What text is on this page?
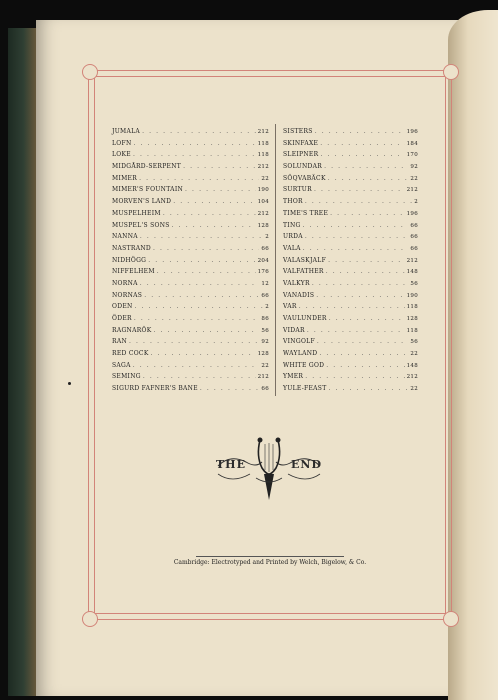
JUMALA . . .	212
LOFN . . .	118
LOKE . . .	118
MIDGÅRD-SERPENT . . .	212
MIMER . . .	22
MIMER'S FOUNTAIN . . .	190
MORVEN'S LAND . . .	104
MUSPELHEIM . . .	212
MUSPEL'S SONS . . .	128
NANNA . . .	2
NASTRAND . . .	66
NIDHÖGG . . .	204
NIFFELHEM . . .	176
NORNA . . .	12
NORNAS . . .	66
ODEN . . .	2
ÖDER . . .	86
RAGNARÖK . . .	56
RAN . . .	92
RED COCK . . .	128
SAGA . . .	22
SEMING . . .	212
SIGURD FAFNER'S BANE . . .	66
SISTERS . . .	196
SKINFAXE . . .	184
SLEIPNER . . .	170
SOLUNDAR . . .	92
SÖQVABÄCK . . .	22
SURTUR . . .	212
THOR . . .	2
TIME'S TREE . . .	196
TING . . .	66
URDA . . .	66
VALA . . .	66
VALASKJALF . . .	212
VALFATHER . . .	148
VALKYR . . .	56
VANADIS . . .	190
VAR . . .	118
VAULUNDER . . .	128
VIDAR . . .	118
VINGOLF . . .	56
WAYLAND . . .	22
WHITE GOD . . .	148
YMER . . .	212
YULE-FEAST . . .	22
THE	END
Cambridge: Electrotyped and Printed by Welch, Bigelow, & Co.
